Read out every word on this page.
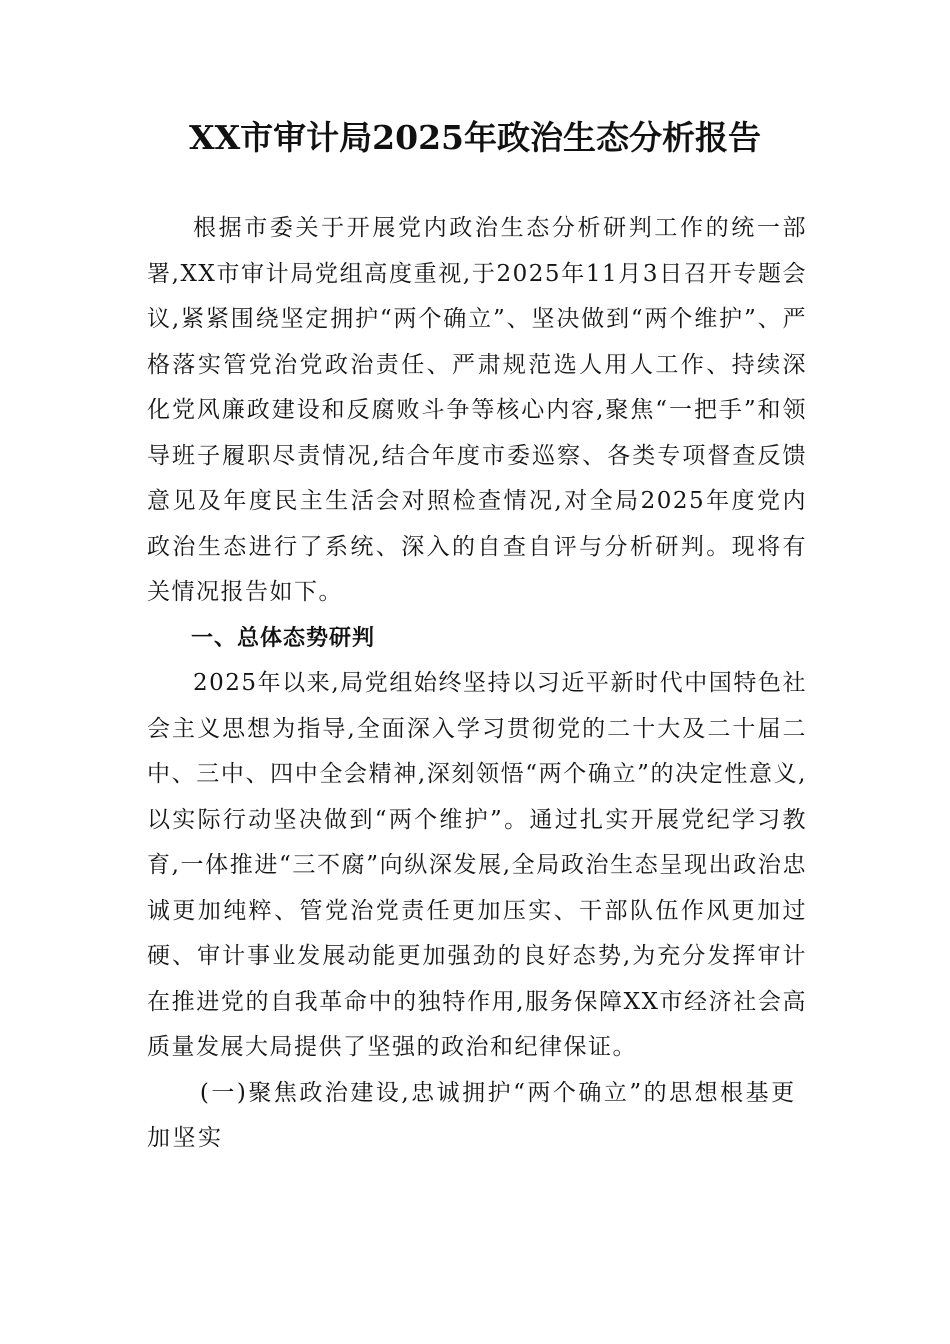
XX市审计局2025年政治生态分析报告

根据市委关于开展党内政治生态分析研判工作的统一部署,XX市审计局党组高度重视,于2025年11月3日召开专题会议,紧紧围绕坚定拥护“两个确立”、坚决做到“两个维护”、严格落实管党治党政治责任、严肃规范选人用人工作、持续深化党风廉政建设和反腐败斗争等核心内容,聚焦“一把手”和领导班子履职尽责情况,结合年度市委巡察、各类专项督查反馈意见及年度民主生活会对照检查情况,对全局2025年度党内政治生态进行了系统、深入的自查自评与分析研判。现将有关情况报告如下。

一、总体态势研判

2025年以来,局党组始终坚持以习近平新时代中国特色社会主义思想为指导,全面深入学习贯彻党的二十大及二十届二中、三中、四中全会精神,深刻领悟“两个确立”的决定性意义,以实际行动坚决做到“两个维护”。通过扎实开展党纪学习教育,一体推进“三不腐”向纵深发展,全局政治生态呈现出政治忠诚更加纯粹、管党治党责任更加压实、干部队伍作风更加过硬、审计事业发展动能更加强劲的良好态势,为充分发挥审计在推进党的自我革命中的独特作用,服务保障XX市经济社会高质量发展大局提供了坚强的政治和纪律保证。

(一)聚焦政治建设,忠诚拥护“两个确立”的思想根基更加坚实
